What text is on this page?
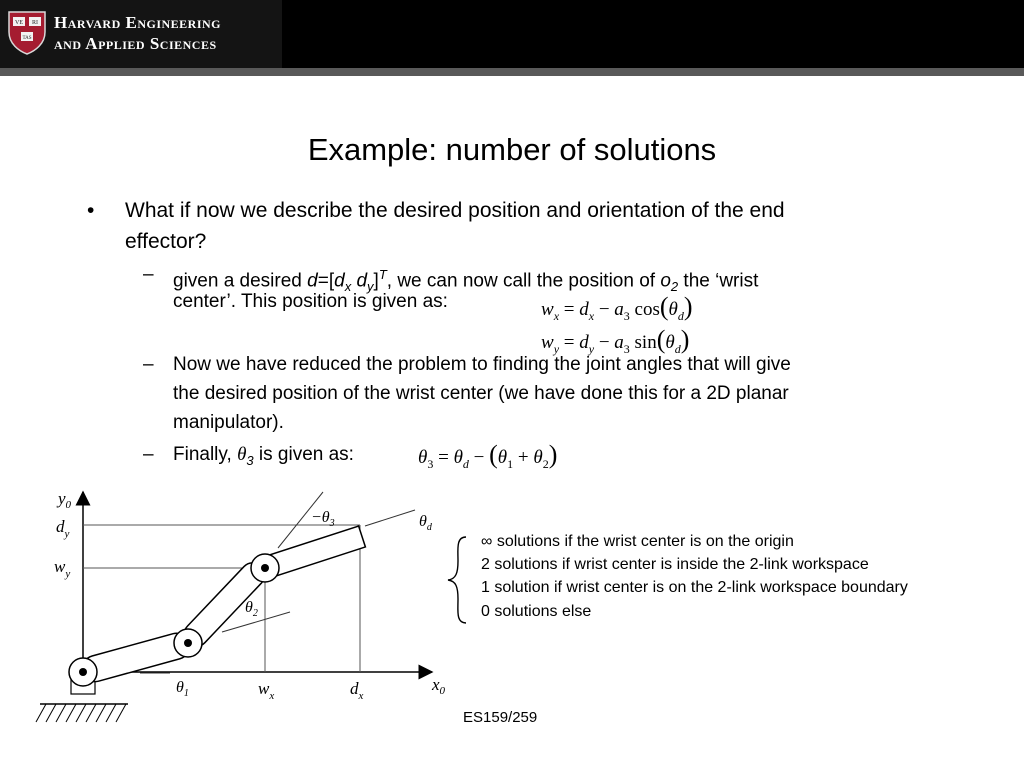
VE RI
TAS
Harvard Engineering
and Applied Sciences
Example: number of solutions
• What if now we describe the desired position and orientation of the end
effector?
– given a desired $d=[d_x$ $d_y]^T$, we can now call the position of $o_2$ the ‘wrist
center’. This position is given as:	$w_x = d_x - a_3$ $\cos(\theta_d)$
$w_y = d_y - a_3$ $\sin(\theta_d)$
– Now we have reduced the problem to finding the joint angles that will give
the desired position of the wrist center (we have done this for a 2D planar
manipulator).
– Finally, $\theta_3$ is given as:	$\theta_3 = \theta_d - (\theta_1 + \theta_2)$
$y_0$
$d_y$
$w_y$
$x_0$
$w_x$	$d_x$
$\theta_1$
$\theta_2$
$-\theta_3$	$\theta_d$
∞ solutions if the wrist center is on the origin
2 solutions if wrist center is inside the 2-link workspace
1 solution if wrist center is on the 2-link workspace boundary
0 solutions else
ES159/259
